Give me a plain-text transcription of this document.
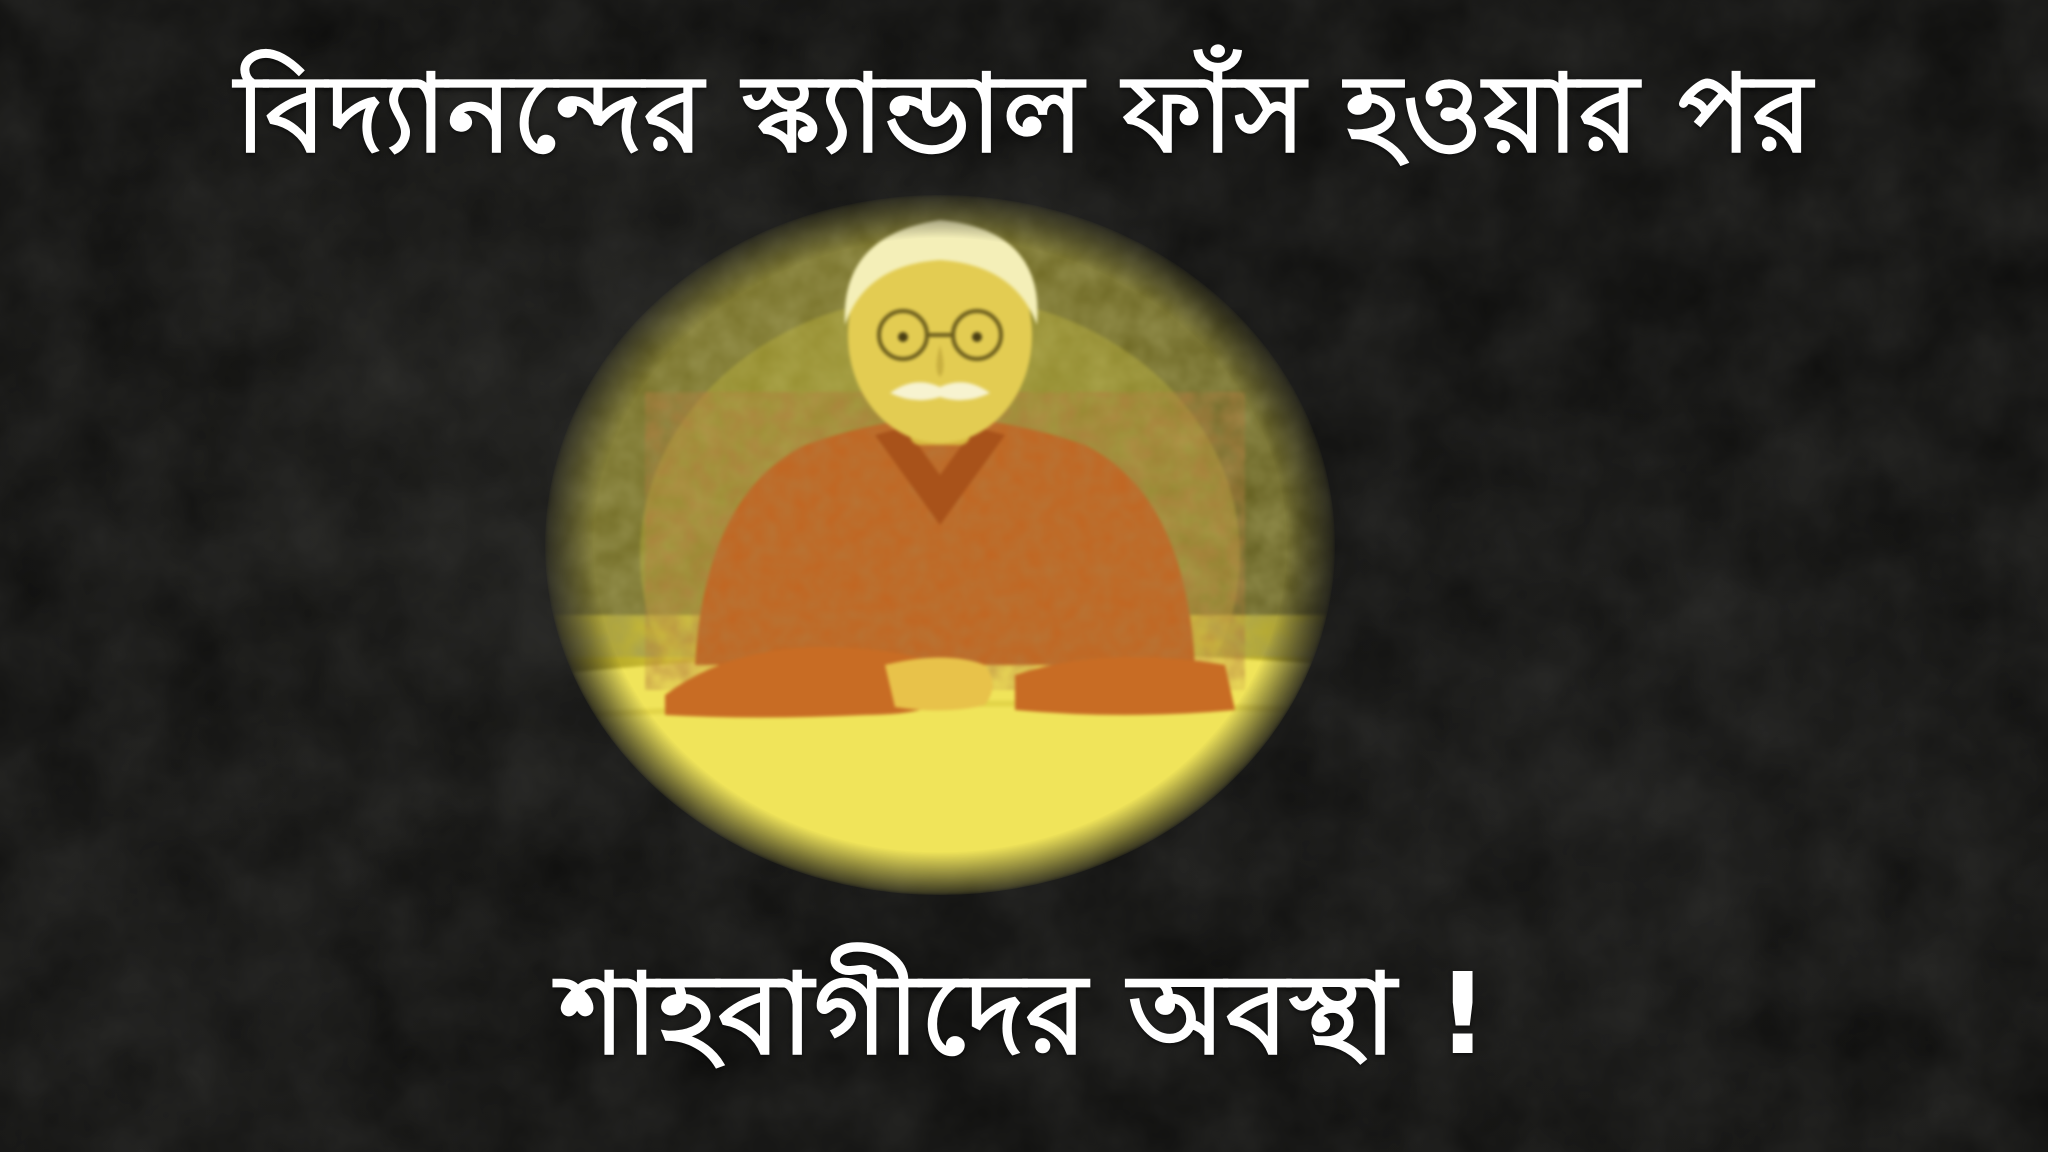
বিদ্যানন্দের স্ক্যান্ডাল ফাঁস হওয়ার পর
শাহবাগীদের অবস্থা !
